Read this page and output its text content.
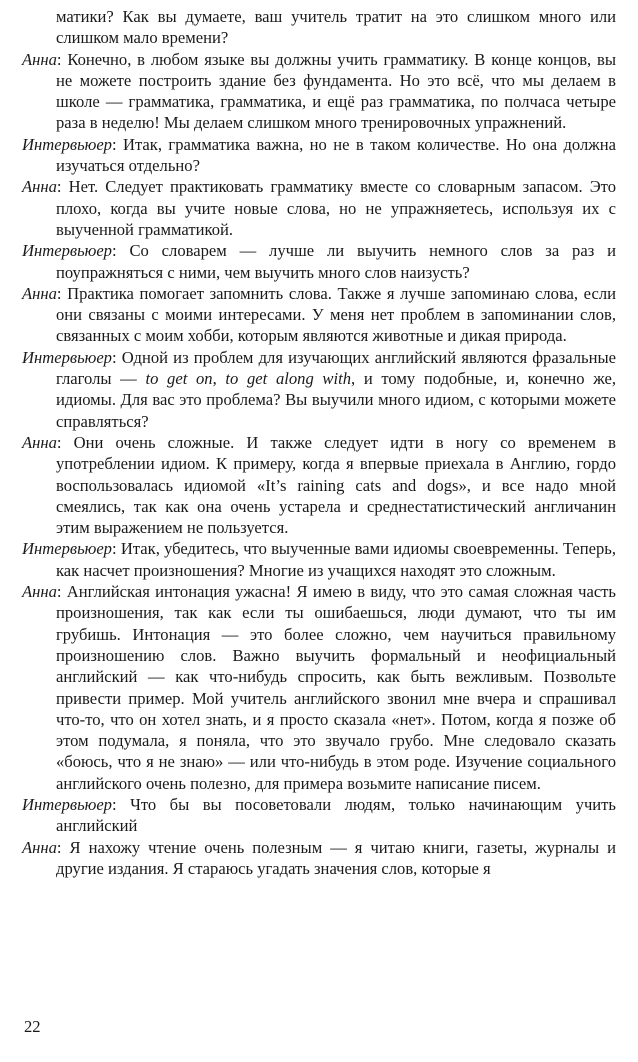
матики? Как вы думаете, ваш учитель тратит на это слишком много или слишком мало времени?

Анна: Конечно, в любом языке вы должны учить грамматику. В конце концов, вы не можете построить здание без фундамента. Но это всё, что мы делаем в школе — грамматика, грамматика, и ещё раз грамматика, по полчаса четыре раза в неделю! Мы делаем слишком много тренировочных упражнений.

Интервьюер: Итак, грамматика важна, но не в таком количестве. Но она должна изучаться отдельно?

Анна: Нет. Следует практиковать грамматику вместе со словарным запасом. Это плохо, когда вы учите новые слова, но не упражняетесь, используя их с выученной грамматикой.

Интервьюер: Со словарем — лучше ли выучить немного слов за раз и поупражняться с ними, чем выучить много слов наизусть?

Анна: Практика помогает запомнить слова. Также я лучше запоминаю слова, если они связаны с моими интересами. У меня нет проблем в запоминании слов, связанных с моим хобби, которым являются животные и дикая природа.

Интервьюер: Одной из проблем для изучающих английский являются фразальные глаголы — to get on, to get along with, и тому подобные, и, конечно же, идиомы. Для вас это проблема? Вы выучили много идиом, с которыми можете справляться?

Анна: Они очень сложные. И также следует идти в ногу со временем в употреблении идиом. К примеру, когда я впервые приехала в Англию, гордо воспользовалась идиомой «It’s raining cats and dogs», и все надо мной смеялись, так как она очень устарела и среднестатистический англичанин этим выражением не пользуется.

Интервьюер: Итак, убедитесь, что выученные вами идиомы своевременны. Теперь, как насчет произношения? Многие из учащихся находят это сложным.

Анна: Английская интонация ужасна! Я имею в виду, что это самая сложная часть произношения, так как если ты ошибаешься, люди думают, что ты им грубишь. Интонация — это более сложно, чем научиться правильному произношению слов. Важно выучить формальный и неофициальный английский — как что-нибудь спросить, как быть вежливым. Позвольте привести пример. Мой учитель английского звонил мне вчера и спрашивал что-то, что он хотел знать, и я просто сказала «нет». Потом, когда я позже об этом подумала, я поняла, что это звучало грубо. Мне следовало сказать «боюсь, что я не знаю» — или что-нибудь в этом роде. Изучение социального английского очень полезно, для примера возьмите написание писем.

Интервьюер: Что бы вы посоветовали людям, только начинающим учить английский

Анна: Я нахожу чтение очень полезным — я читаю книги, газеты, журналы и другие издания. Я стараюсь угадать значения слов, которые я

22
